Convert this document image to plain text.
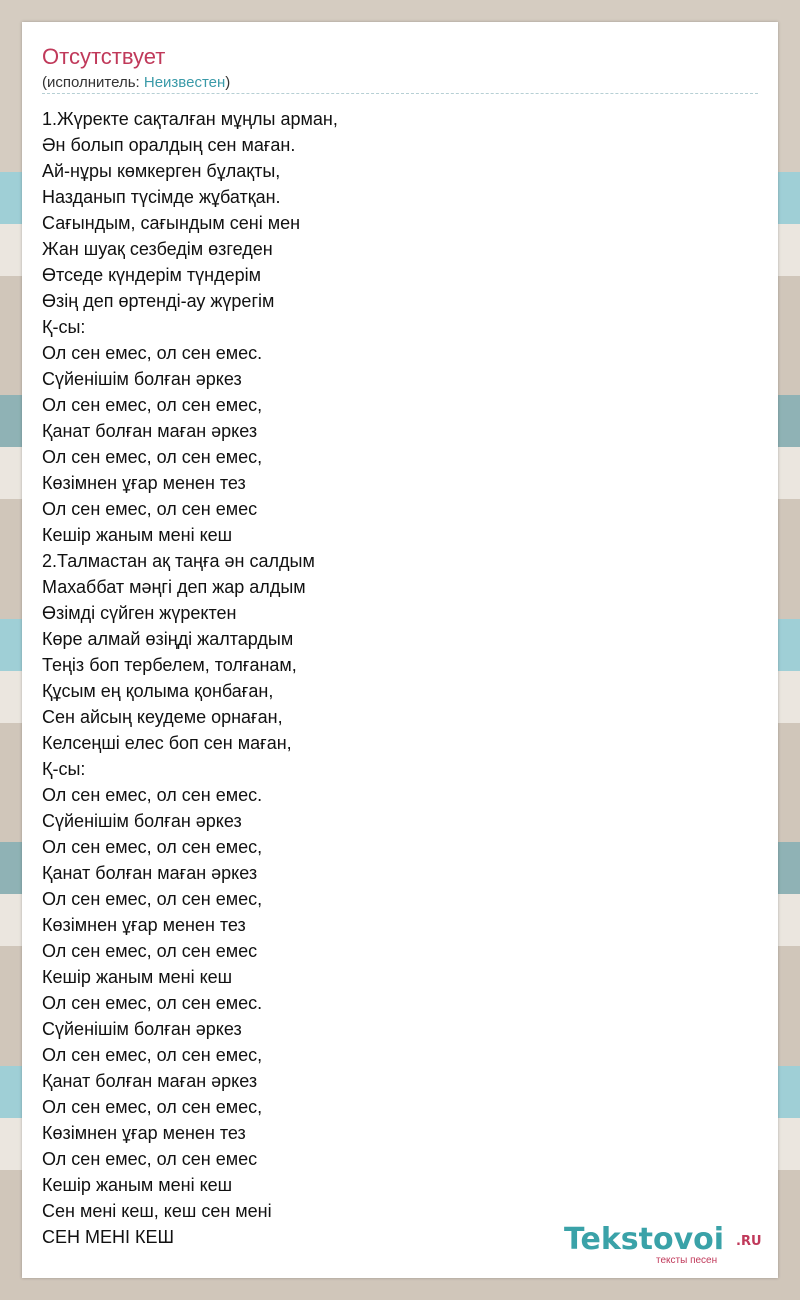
Отсутствует
(исполнитель: Неизвестен)
1.Жүректе сақталған мұңлы арман,
Ән болып оралдың сен маған.
Ай-нұры көмкерген бұлақты,
Назданып түсімде жұбатқан.
Сағындым, сағындым сені мен
Жан шуақ сезбедім өзгеден
Өтседе күндерім түндерім
Өзің деп өртенді-ау жүрегім
Қ-сы:
Ол сен емес, ол сен емес.
Сүйенішім болған әркез
Ол сен емес, ол сен емес,
Қанат болған маған әркез
Ол сен емес, ол сен емес,
Көзімнен ұғар менен тез
Ол сен емес, ол сен емес
Кешір жаным мені кеш
2.Талмастан ақ таңға ән салдым
Махаббат мәңгі деп жар алдым
Өзімді сүйген жүректен
Көре алмай өзіңді жалтардым
Теңіз боп тербелем, толғанам,
Құсым ең қолыма қонбаған,
Сен айсың кеудеме орнаған,
Келсеңші елес боп сен маған,
Қ-сы:
Ол сен емес, ол сен емес.
Сүйенішім болған әркез
Ол сен емес, ол сен емес,
Қанат болған маған әркез
Ол сен емес, ол сен емес,
Көзімнен ұғар менен тез
Ол сен емес, ол сен емес
Кешір жаным мені кеш
Ол сен емес, ол сен емес.
Сүйенішім болған әркез
Ол сен емес, ол сен емес,
Қанат болған маған әркез
Ол сен емес, ол сен емес,
Көзімнен ұғар менен тез
Ол сен емес, ол сен емес
Кешір жаным мені кеш
Сен мені кеш, кеш сен мені
СЕН МЕНІ КЕШ	Tekstovoi .RU
тексты песен
